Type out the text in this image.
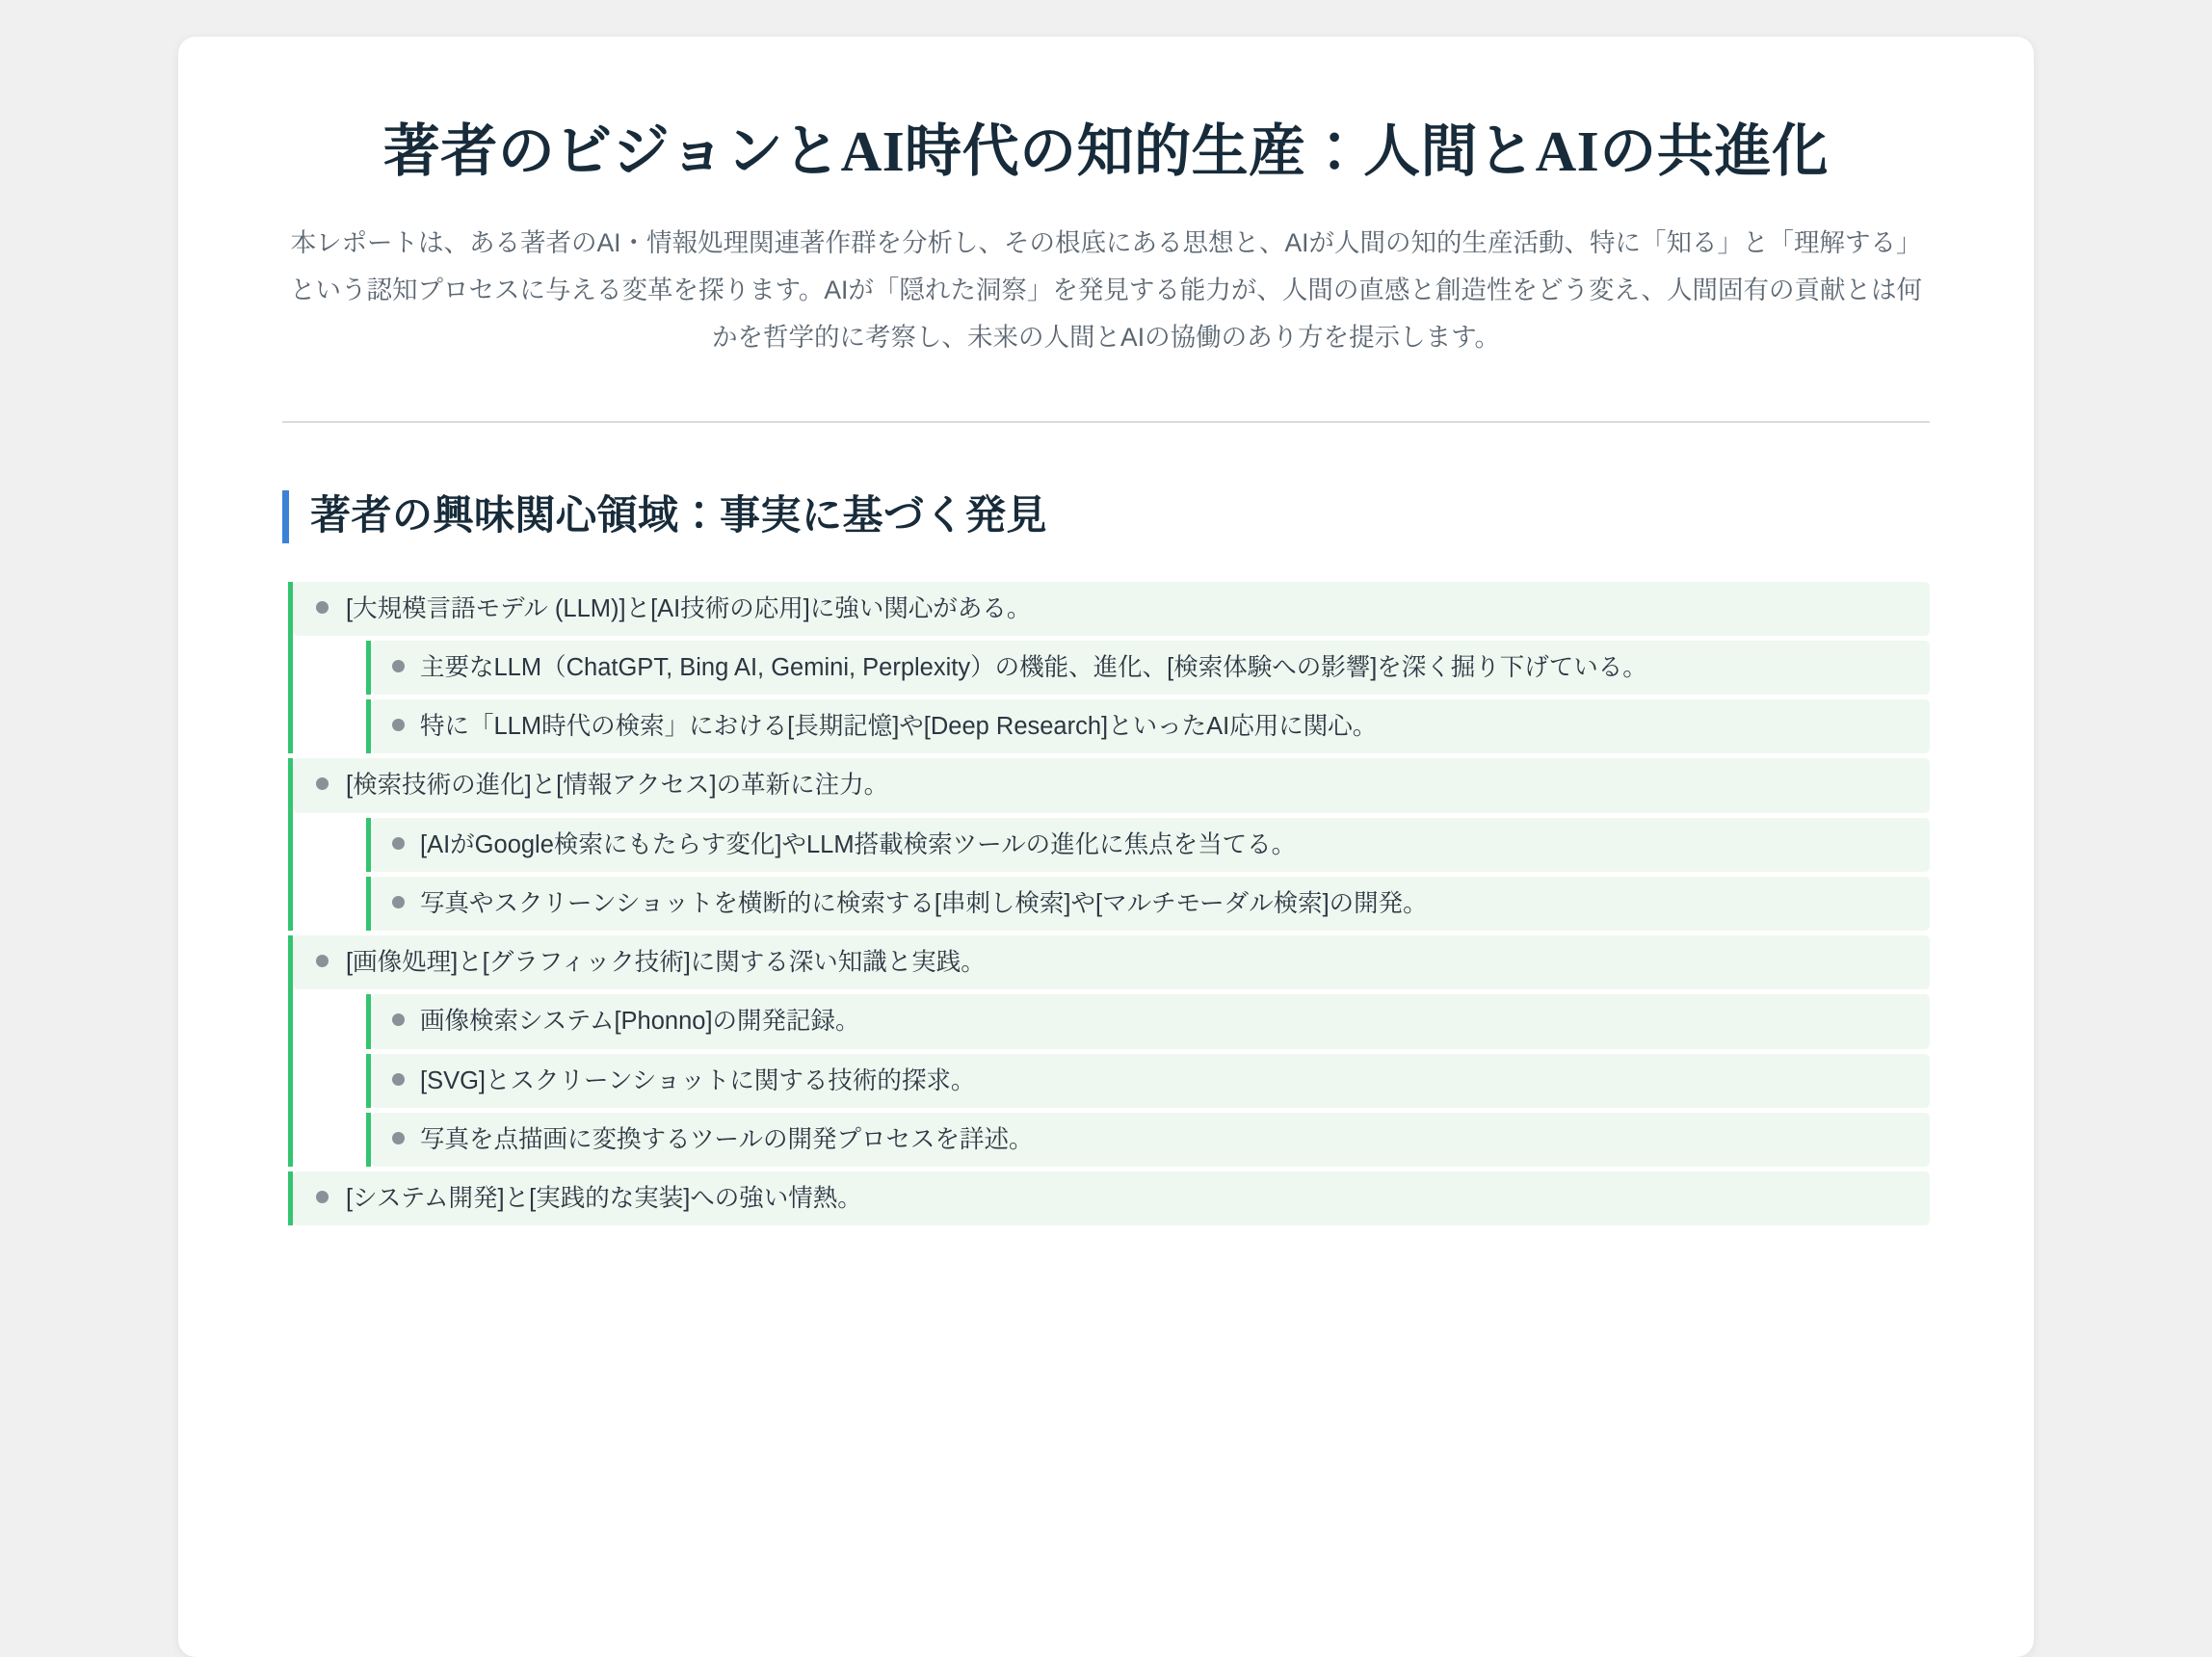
著者のビジョンとAI時代の知的生産：人間とAIの共進化

本レポートは、ある著者のAI・情報処理関連著作群を分析し、その根底にある思想と、AIが人間の知的生産活動、特に「知る」と「理解する」という認知プロセスに与える変革を探ります。AIが「隠れた洞察」を発見する能力が、人間の直感と創造性をどう変え、人間固有の貢献とは何かを哲学的に考察し、未来の人間とAIの協働のあり方を提示します。

著者の興味関心領域：事実に基づく発見
[大規模言語モデル (LLM)]と[AI技術の応用]に強い関心がある。
主要なLLM（ChatGPT, Bing AI, Gemini, Perplexity）の機能、進化、[検索体験への影響]を深く掘り下げている。
特に「LLM時代の検索」における[長期記憶]や[Deep Research]といったAI応用に関心。
[検索技術の進化]と[情報アクセス]の革新に注力。
[AIがGoogle検索にもたらす変化]やLLM搭載検索ツールの進化に焦点を当てる。
写真やスクリーンショットを横断的に検索する[串刺し検索]や[マルチモーダル検索]の開発。
[画像処理]と[グラフィック技術]に関する深い知識と実践。
画像検索システム[Phonno]の開発記録。
[SVG]とスクリーンショットに関する技術的探求。
写真を点描画に変換するツールの開発プロセスを詳述。
[システム開発]と[実践的な実装]への強い情熱。
